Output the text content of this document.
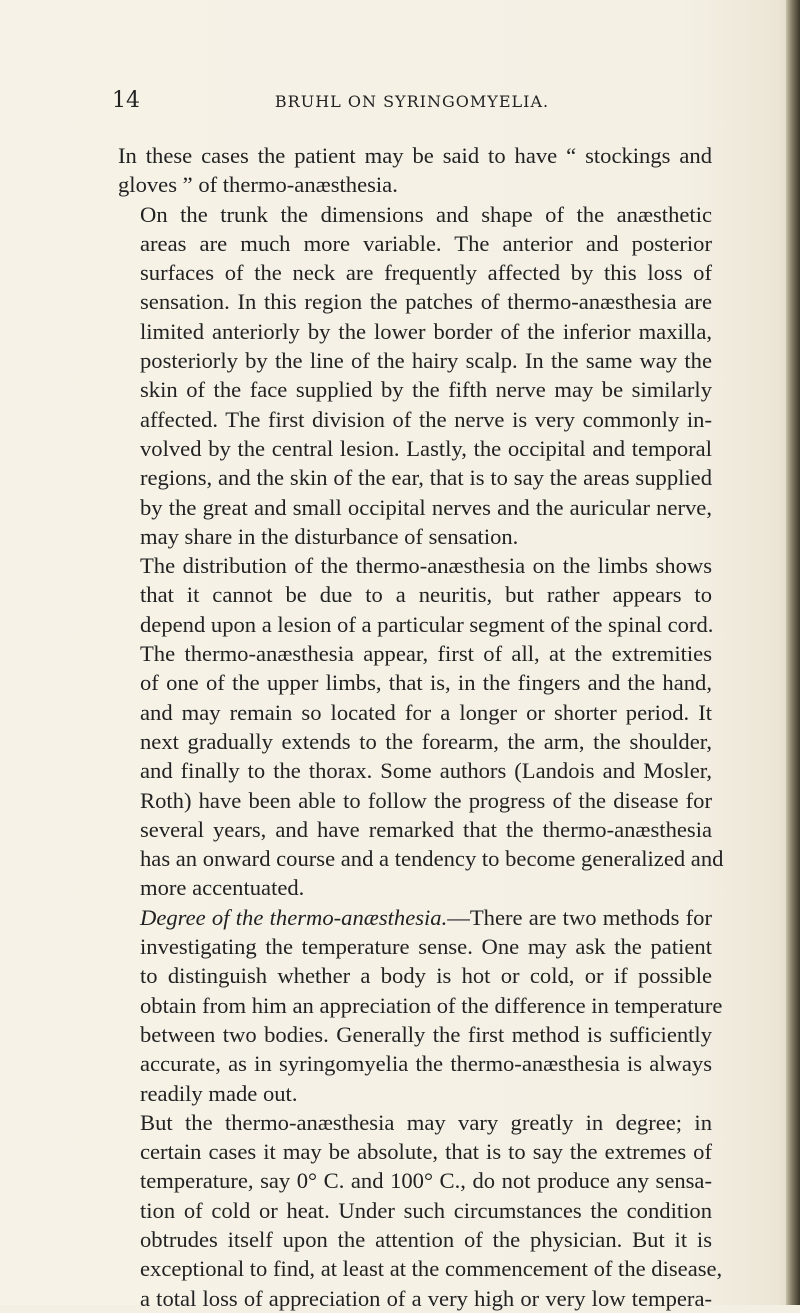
14	BRUHL ON SYRINGOMYELIA.

In these cases the patient may be said to have “ stockings and
gloves ” of thermo-anæsthesia.

On the trunk the dimensions and shape of the anæsthetic
areas are much more variable. The anterior and posterior
surfaces of the neck are frequently affected by this loss of
sensation. In this region the patches of thermo-anæsthesia are
limited anteriorly by the lower border of the inferior maxilla,
posteriorly by the line of the hairy scalp. In the same way the
skin of the face supplied by the fifth nerve may be similarly
affected. The first division of the nerve is very commonly in-
volved by the central lesion. Lastly, the occipital and temporal
regions, and the skin of the ear, that is to say the areas supplied
by the great and small occipital nerves and the auricular nerve,
may share in the disturbance of sensation.

The distribution of the thermo-anæsthesia on the limbs shows
that it cannot be due to a neuritis, but rather appears to
depend upon a lesion of a particular segment of the spinal cord.

The thermo-anæsthesia appear, first of all, at the extremities
of one of the upper limbs, that is, in the fingers and the hand,
and may remain so located for a longer or shorter period. It
next gradually extends to the forearm, the arm, the shoulder,
and finally to the thorax. Some authors (Landois and Mosler,
Roth) have been able to follow the progress of the disease for
several years, and have remarked that the thermo-anæsthesia
has an onward course and a tendency to become generalized and
more accentuated.

Degree of the thermo-anæsthesia.—There are two methods for
investigating the temperature sense. One may ask the patient
to distinguish whether a body is hot or cold, or if possible
obtain from him an appreciation of the difference in temperature
between two bodies. Generally the first method is sufficiently
accurate, as in syringomyelia the thermo-anæsthesia is always
readily made out.

But the thermo-anæsthesia may vary greatly in degree; in
certain cases it may be absolute, that is to say the extremes of
temperature, say 0° C. and 100° C., do not produce any sensa-
tion of cold or heat. Under such circumstances the condition
obtrudes itself upon the attention of the physician. But it is
exceptional to find, at least at the commencement of the disease,
a total loss of appreciation of a very high or very low tempera-
